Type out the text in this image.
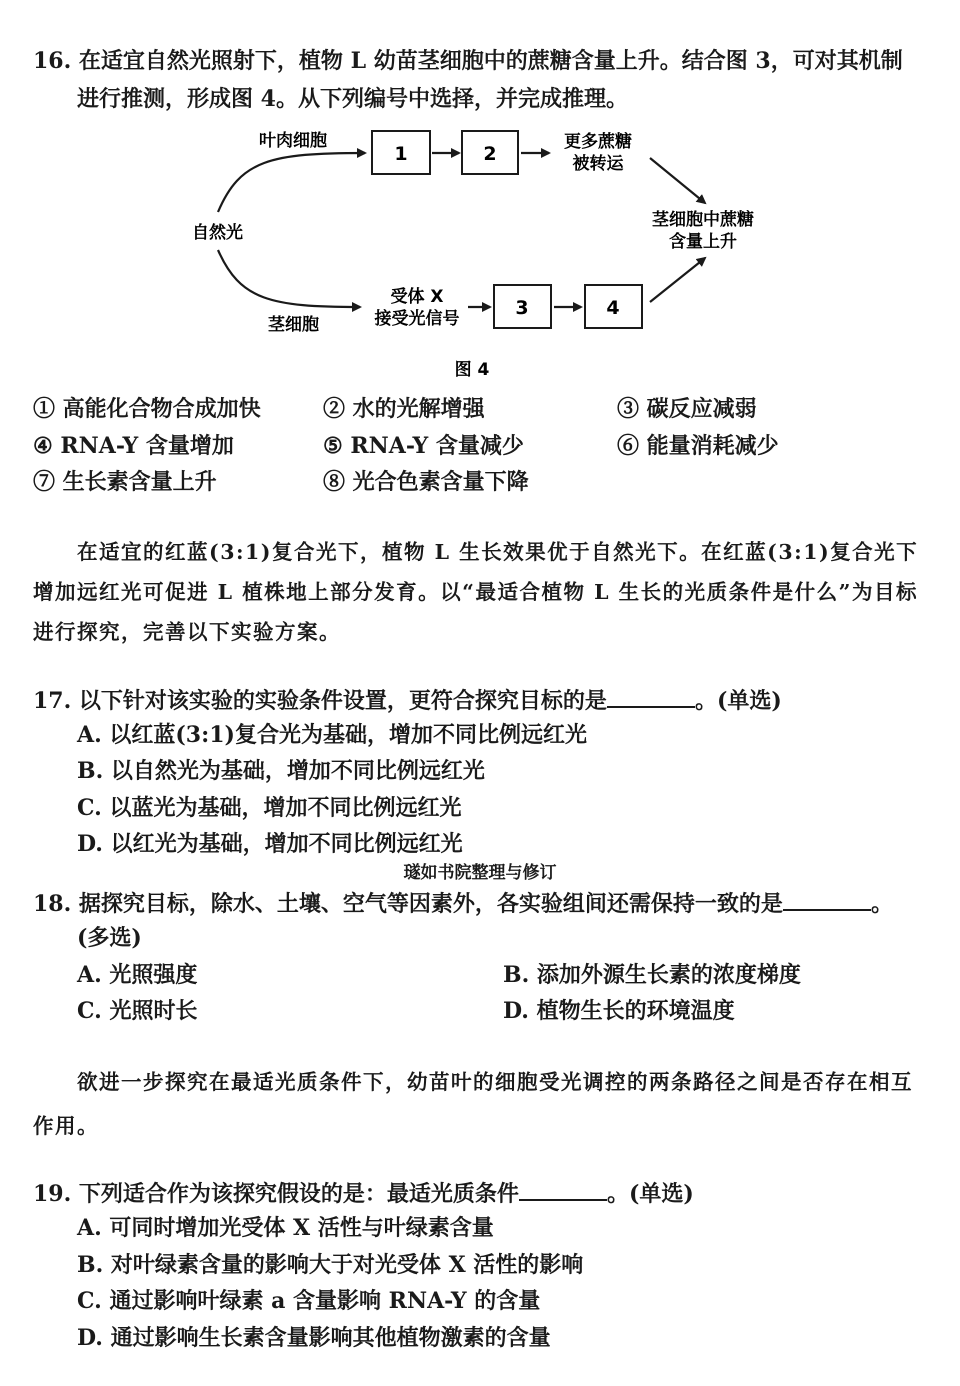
16. 在适宜自然光照射下，植物 L 幼苗茎细胞中的蔗糖含量上升。结合图 3，可对其机制
进行推测，形成图 4。从下列编号中选择，并完成推理。
自然光
叶肉细胞
茎细胞
1	2
更多蔗糖
被转运
茎细胞中蔗糖
含量上升
受体 X
接受光信号	3	4
图 4
① 高能化合物合成加快	② 水的光解增强	③ 碳反应减弱
④ RNA-Y 含量增加	⑤ RNA-Y 含量减少	⑥ 能量消耗减少
⑦ 生长素含量上升	⑧ 光合色素含量下降
在适宜的红蓝(3:1)复合光下，植物 L 生长效果优于自然光下。在红蓝(3:1)复合光下增加远红光可促进 L 植株地上部分发育。以“最适合植物 L 生长的光质条件是什么”为目标进行探究，完善以下实验方案。
17. 以下针对该实验的实验条件设置，更符合探究目标的是	。(单选)
A. 以红蓝(3:1)复合光为基础，增加不同比例远红光
B. 以自然光为基础，增加不同比例远红光
C. 以蓝光为基础，增加不同比例远红光
D. 以红光为基础，增加不同比例远红光
璲如书院整理与修订
18. 据探究目标，除水、土壤、空气等因素外，各实验组间还需保持一致的是	。
(多选)
A. 光照强度	B. 添加外源生长素的浓度梯度
C. 光照时长	D. 植物生长的环境温度
欲进一步探究在最适光质条件下，幼苗叶的细胞受光调控的两条路径之间是否存在相互作用。
19. 下列适合作为该探究假设的是：最适光质条件	。(单选)
A. 可同时增加光受体 X 活性与叶绿素含量
B. 对叶绿素含量的影响大于对光受体 X 活性的影响
C. 通过影响叶绿素 a 含量影响 RNA-Y 的含量
D. 通过影响生长素含量影响其他植物激素的含量
